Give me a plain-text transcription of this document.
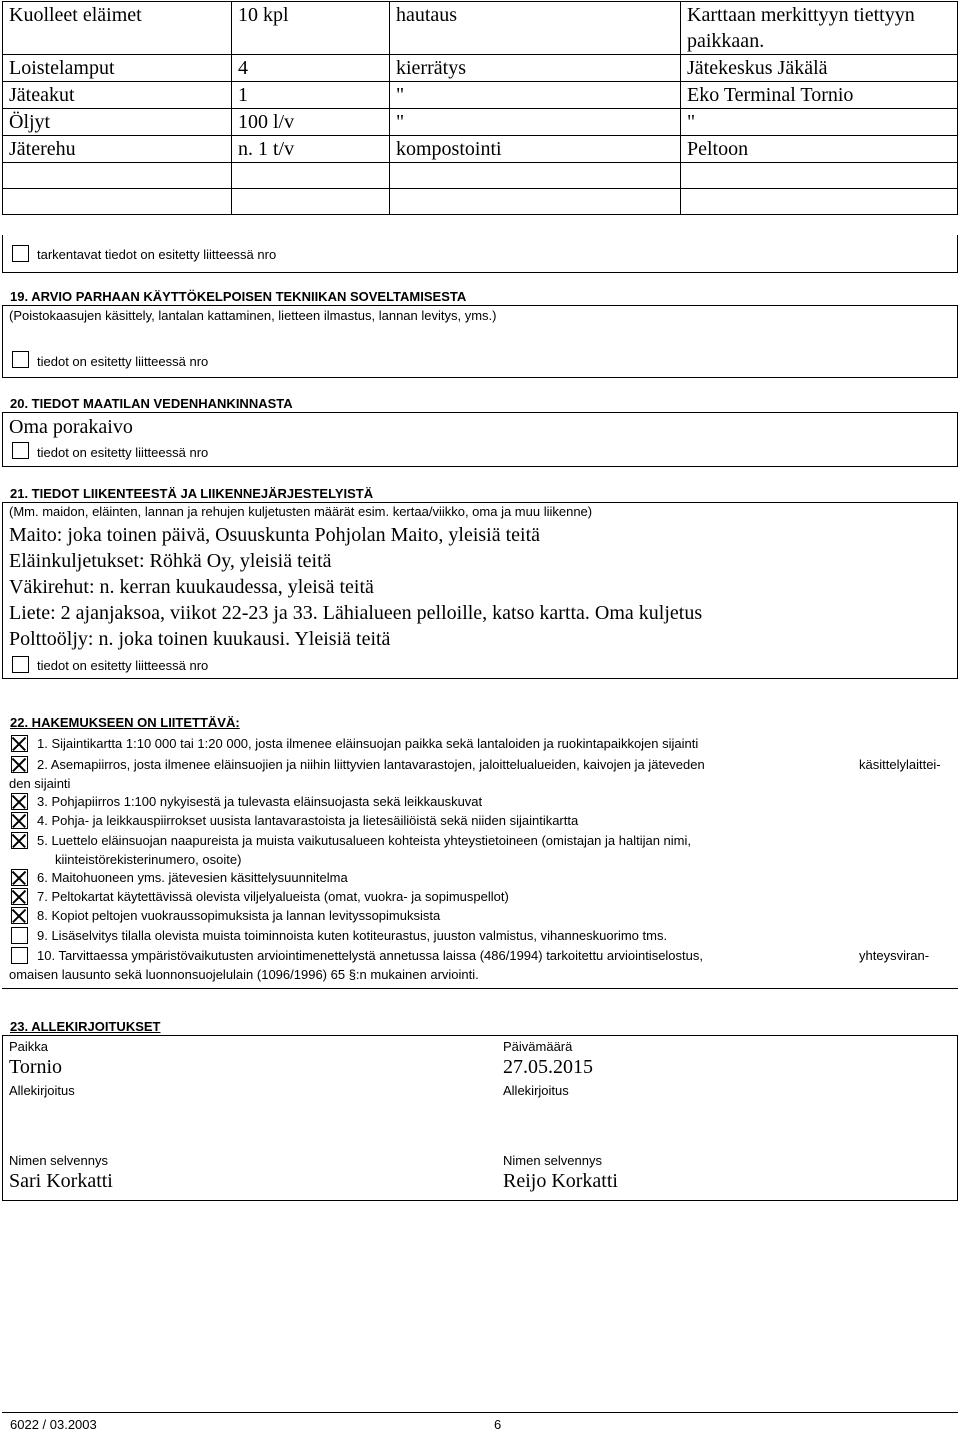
Kuolleet eläimet	10 kpl	hautaus	Karttaan merkittyyn tiettyyn paikkaan.
Loistelamput	4	kierrätys	Jätekeskus Jäkälä
Jäteakut	1	"	Eko Terminal Tornio
Öljyt	100 l/v	"	"
Jäterehu	n. 1 t/v	kompostointi	Peltoon

tarkentavat tiedot on esitetty liitteessä nro
19. ARVIO PARHAAN KÄYTTÖKELPOISEN TEKNIIKAN SOVELTAMISESTA
(Poistokaasujen käsittely, lantalan kattaminen, lietteen ilmastus, lannan levitys, yms.)
tiedot on esitetty liitteessä nro
20. TIEDOT MAATILAN VEDENHANKINNASTA
Oma porakaivo
tiedot on esitetty liitteessä nro
21. TIEDOT LIIKENTEESTÄ JA LIIKENNEJÄRJESTELYISTÄ
(Mm. maidon, eläinten, lannan ja rehujen kuljetusten määrät esim. kertaa/viikko, oma ja muu liikenne)
Maito: joka toinen päivä, Osuuskunta Pohjolan Maito, yleisiä teitä
Eläinkuljetukset: Röhkä Oy, yleisiä teitä
Väkirehut: n. kerran kuukaudessa, yleisä teitä
Liete: 2 ajanjaksoa, viikot 22-23 ja 33. Lähialueen pelloille, katso kartta. Oma kuljetus
Polttoöljy: n. joka toinen kuukausi. Yleisiä teitä
tiedot on esitetty liitteessä nro
22. HAKEMUKSEEN ON LIITETTÄVÄ:
1. Sijaintikartta 1:10 000 tai 1:20 000, josta ilmenee eläinsuojan paikka sekä lantaloiden ja ruokintapaikkojen sijainti
2. Asemapiirros, josta ilmenee eläinsuojien ja niihin liittyvien lantavarastojen, jaloittelualueiden, kaivojen ja jäteveden	käsittelylaittei-
den sijainti
3. Pohjapiirros 1:100 nykyisestä ja tulevasta eläinsuojasta sekä leikkauskuvat
4. Pohja- ja leikkauspiirrokset uusista lantavarastoista ja lietesäiliöistä sekä niiden sijaintikartta
5. Luettelo eläinsuojan naapureista ja muista vaikutusalueen kohteista yhteystietoineen (omistajan ja haltijan nimi,
kiinteistörekisterinumero, osoite)
6. Maitohuoneen yms. jätevesien käsittelysuunnitelma
7. Peltokartat käytettävissä olevista viljelyalueista (omat, vuokra- ja sopimuspellot)
8. Kopiot peltojen vuokraussopimuksista ja lannan levityssopimuksista
9. Lisäselvitys tilalla olevista muista toiminnoista kuten kotiteurastus, juuston valmistus, vihanneskuorimo tms.
10. Tarvittaessa ympäristövaikutusten arviointimenettelystä annetussa laissa (486/1994) tarkoitettu arviointiselostus,	yhteysviran-
omaisen lausunto sekä luonnonsuojelulain (1096/1996) 65 §:n mukainen arviointi.
23. ALLEKIRJOITUKSET
Paikka
Tornio
Päivämäärä
27.05.2015
Allekirjoitus	Allekirjoitus
Nimen selvennys
Sari Korkatti
Nimen selvennys
Reijo Korkatti
6022 / 03.2003	6
